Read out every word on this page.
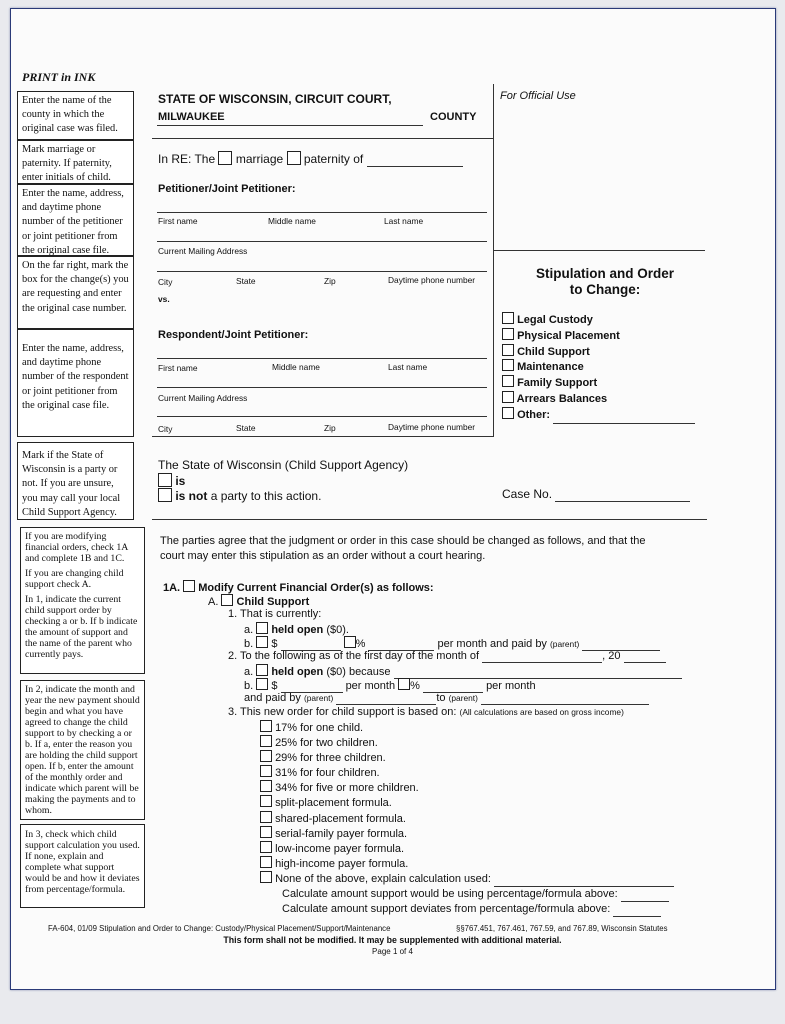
PRINT in INK
Enter the name of the county in which the original case was filed.
Mark marriage or paternity. If paternity, enter initials of child.
Enter the name, address, and daytime phone number of the petitioner or joint petitioner from the original case file.
On the far right, mark the box for the change(s) you are requesting and enter the original case number.
Enter the name, address, and daytime phone number of the respondent or joint petitioner from the original case file.
Mark if the State of Wisconsin is a party or not. If you are unsure, you may call your local Child Support Agency.
If you are modifying financial orders, check 1A and complete 1B and 1C.
If you are changing child support check A.
In 1, indicate the current child support order by checking a or b. If b indicate the amount of support and the name of the parent who currently pays.
In 2, indicate the month and year the new payment should begin and what you have agreed to change the child support to by checking a or b. If a, enter the reason you are holding the child support open. If b, enter the amount of the monthly order and indicate which parent will be making the payments and to whom.
In 3, check which child support calculation you used. If none, explain and complete what support would be and how it deviates from percentage/formula.
STATE OF WISCONSIN, CIRCUIT COURT,
MILWAUKEE	COUNTY
For Official Use
In RE: The marriage paternity of
Petitioner/Joint Petitioner:
First name	Middle name	Last name
Current Mailing Address
City	State	Zip	Daytime phone number
vs.
Respondent/Joint Petitioner:
First name	Middle name	Last name
Current Mailing Address
City	State	Zip	Daytime phone number
Stipulation and Order
to Change:
Legal Custody
Physical Placement
Child Support
Maintenance
Family Support
Arrears Balances
Other:
The State of Wisconsin (Child Support Agency)
is
is not a party to this action.	Case No.
The parties agree that the judgment or order in this case should be changed as follows, and that the
court may enter this stipulation as an order without a court hearing.
1A. Modify Current Financial Order(s) as follows:
A. Child Support
1. That is currently:
a. held open ($0).
b. $	%	per month and paid by (parent)
2. To the following as of the first day of the month of	, 20
a. held open ($0) because
b. $	per month %	per month
and paid by (parent)	to (parent)
3. This new order for child support is based on: (All calculations are based on gross income)
17% for one child.
25% for two children.
29% for three children.
31% for four children.
34% for five or more children.
split-placement formula.
shared-placement formula.
serial-family payer formula.
low-income payer formula.
high-income payer formula.
None of the above, explain calculation used:
Calculate amount support would be using percentage/formula above:
Calculate amount support deviates from percentage/formula above:
FA-604, 01/09 Stipulation and Order to Change: Custody/Physical Placement/Support/Maintenance	§§767.451, 767.461, 767.59, and 767.89, Wisconsin Statutes
This form shall not be modified. It may be supplemented with additional material.
Page 1 of 4
